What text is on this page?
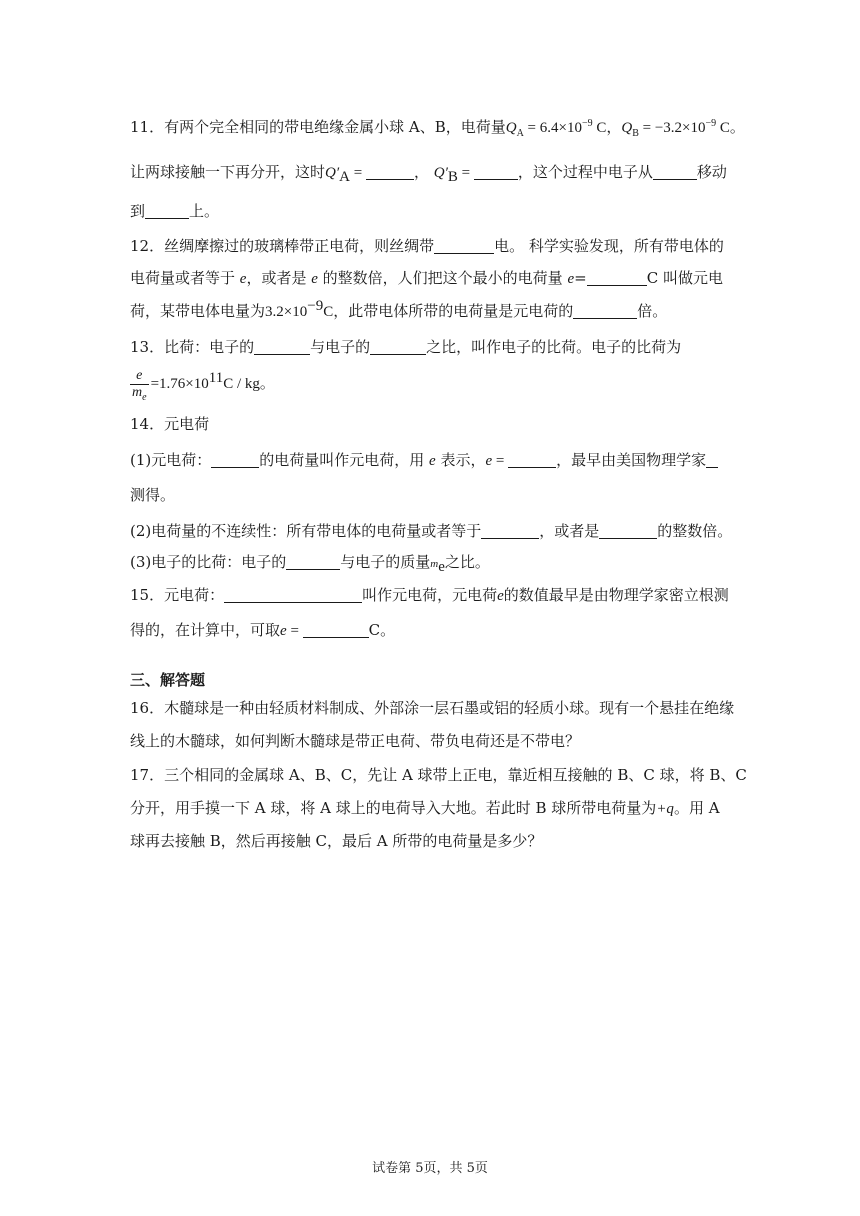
11．有两个完全相同的带电绝缘金属小球 A、B，电荷量$Q_A = 6.4\times 10^{-9}$ C，$Q_B = -3.2\times 10^{-9}$ C。
让两球接触一下再分开，这时$Q'_A$ =	， $Q'_B$ =	，这个过程中电子从	移动
到	上。
12．丝绸摩擦过的玻璃棒带正电荷，则丝绸带	电。 科学实验发现，所有带电体的
电荷量或者等于 e，或者是 e 的整数倍，人们把这个最小的电荷量 e=	C 叫做元电
荷，某带电体电量为$3.2\times 10^{-9}C$，此带电体所带的电荷量是元电荷的	倍。
13．比荷：电子的	与电子的	之比，叫作电子的比荷。电子的比荷为
$\frac{e}{m_e} =1.76\times 10^{11}C$ / kg。
14．元电荷
(1)元电荷：	的电荷量叫作元电荷，用 e 表示，e =	，最早由美国物理学家
测得。
(2)电荷量的不连续性：所有带电体的电荷量或者等于	，或者是	的整数倍。
(3)电子的比荷：电子的	与电子的质量$m_e$之比。
15．元电荷：	叫作元电荷，元电荷e的数值最早是由物理学家密立根测
得的，在计算中，可取e =	C。
三、解答题
16．木髓球是一种由轻质材料制成、外部涂一层石墨或铝的轻质小球。现有一个悬挂在绝缘
线上的木髓球，如何判断木髓球是带正电荷、带负电荷还是不带电？
17．三个相同的金属球 A、B、C，先让 A 球带上正电，靠近相互接触的 B、C 球，将 B、C
分开，用手摸一下 A 球，将 A 球上的电荷导入大地。若此时 B 球所带电荷量为+q。用 A
球再去接触 B，然后再接触 C，最后 A 所带的电荷量是多少？
试卷第 5页，共 5页
